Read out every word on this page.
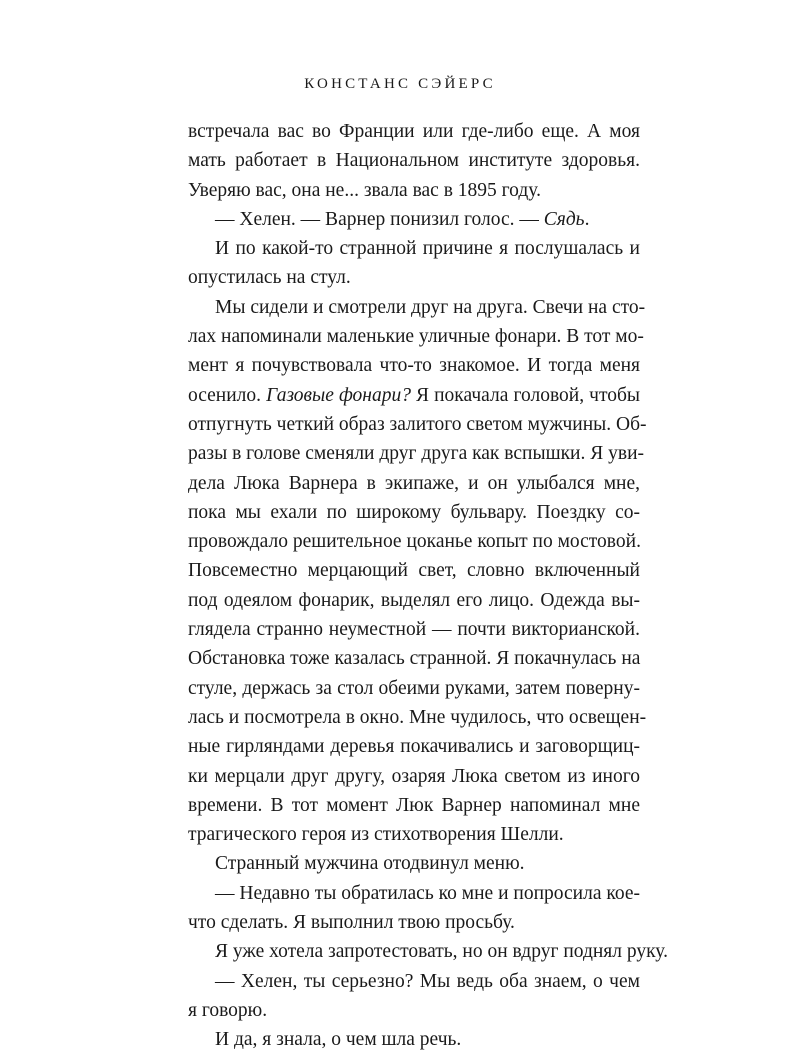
КОНСТАНС СЭЙЕРС

встречала вас во Франции или где-либо еще. А моя
мать работает в Национальном институте здоровья.
Уверяю вас, она не... звала вас в 1895 году.

— Хелен. — Варнер понизил голос. — Сядь.

И по какой-то странной причине я послушалась и
опустилась на стул.

Мы сидели и смотрели друг на друга. Свечи на сто-
лах напоминали маленькие уличные фонари. В тот мо-
мент я почувствовала что-то знакомое. И тогда меня
осенило. Газовые фонари? Я покачала головой, чтобы
отпугнуть четкий образ залитого светом мужчины. Об-
разы в голове сменяли друг друга как вспышки. Я уви-
дела Люка Варнера в экипаже, и он улыбался мне,
пока мы ехали по широкому бульвару. Поездку со-
провождало решительное цоканье копыт по мостовой.
Повсеместно мерцающий свет, словно включенный
под одеялом фонарик, выделял его лицо. Одежда вы-
глядела странно неуместной — почти викторианской.
Обстановка тоже казалась странной. Я покачнулась на
стуле, держась за стол обеими руками, затем поверну-
лась и посмотрела в окно. Мне чудилось, что освещен-
ные гирляндами деревья покачивались и заговорщиц-
ки мерцали друг другу, озаряя Люка светом из иного
времени. В тот момент Люк Варнер напоминал мне
трагического героя из стихотворения Шелли.

Странный мужчина отодвинул меню.

— Недавно ты обратилась ко мне и попросила кое-
что сделать. Я выполнил твою просьбу.

Я уже хотела запротестовать, но он вдруг поднял руку.

— Хелен, ты серьезно? Мы ведь оба знаем, о чем
я говорю.

И да, я знала, о чем шла речь.
